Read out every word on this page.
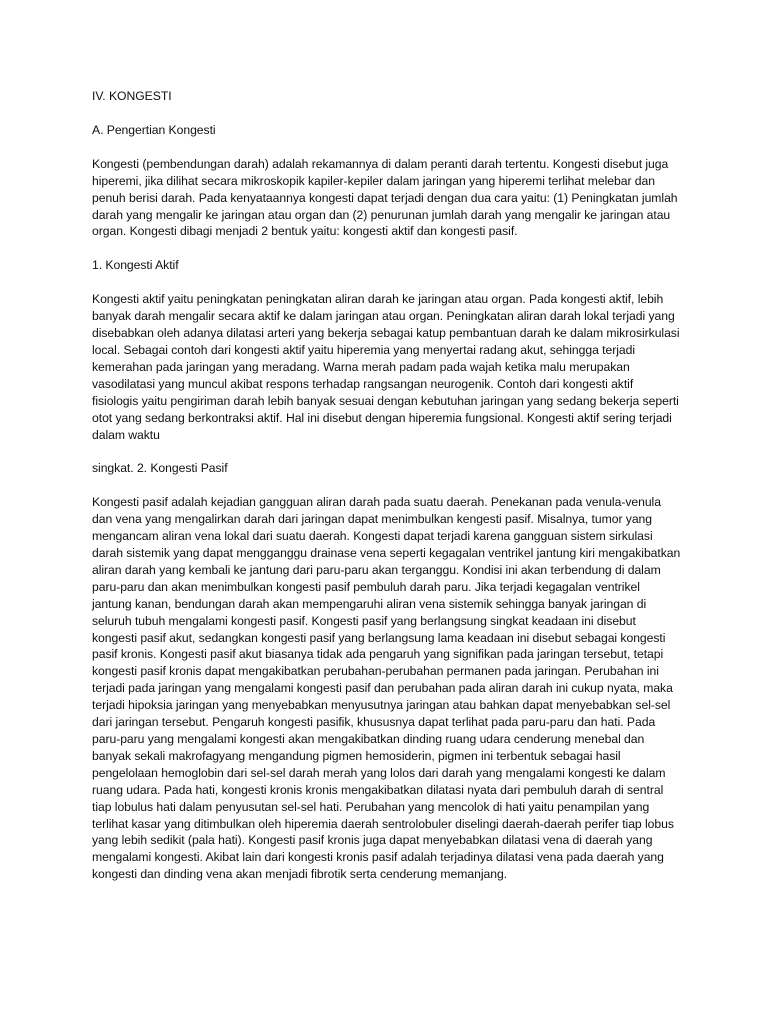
IV. KONGESTI
A. Pengertian Kongesti

Kongesti (pembendungan darah) adalah rekamannya di dalam peranti darah tertentu. Kongesti disebut juga hiperemi, jika dilihat secara mikroskopik kapiler-kepiler dalam jaringan yang hiperemi terlihat melebar dan penuh berisi darah. Pada kenyataannya kongesti dapat terjadi dengan dua cara yaitu: (1) Peningkatan jumlah darah yang mengalir ke jaringan atau organ dan (2) penurunan jumlah darah yang mengalir ke jaringan atau organ. Kongesti dibagi menjadi 2 bentuk yaitu: kongesti aktif dan kongesti pasif.

1. Kongesti Aktif

Kongesti aktif yaitu peningkatan peningkatan aliran darah ke jaringan atau organ. Pada kongesti aktif, lebih banyak darah mengalir secara aktif ke dalam jaringan atau organ. Peningkatan aliran darah lokal terjadi yang disebabkan oleh adanya dilatasi arteri yang bekerja sebagai katup pembantuan darah ke dalam mikrosirkulasi local. Sebagai contoh dari kongesti aktif yaitu hiperemia yang menyertai radang akut, sehingga terjadi kemerahan pada jaringan yang meradang. Warna merah padam pada wajah ketika malu merupakan vasodilatasi yang muncul akibat respons terhadap rangsangan neurogenik. Contoh dari kongesti aktif fisiologis yaitu pengiriman darah lebih banyak sesuai dengan kebutuhan jaringan yang sedang bekerja seperti otot yang sedang berkontraksi aktif. Hal ini disebut dengan hiperemia fungsional. Kongesti aktif sering terjadi dalam waktu

singkat. 2. Kongesti Pasif

Kongesti pasif adalah kejadian gangguan aliran darah pada suatu daerah. Penekanan pada venula-venula dan vena yang mengalirkan darah dari jaringan dapat menimbulkan kengesti pasif. Misalnya, tumor yang mengancam aliran vena lokal dari suatu daerah. Kongesti dapat terjadi karena gangguan sistem sirkulasi darah sistemik yang dapat mengganggu drainase vena seperti kegagalan ventrikel jantung kiri mengakibatkan aliran darah yang kembali ke jantung dari paru-paru akan terganggu. Kondisi ini akan terbendung di dalam paru-paru dan akan menimbulkan kongesti pasif pembuluh darah paru. Jika terjadi kegagalan ventrikel jantung kanan, bendungan darah akan mempengaruhi aliran vena sistemik sehingga banyak jaringan di seluruh tubuh mengalami kongesti pasif. Kongesti pasif yang berlangsung singkat keadaan ini disebut kongesti pasif akut, sedangkan kongesti pasif yang berlangsung lama keadaan ini disebut sebagai kongesti pasif kronis. Kongesti pasif akut biasanya tidak ada pengaruh yang signifikan pada jaringan tersebut, tetapi kongesti pasif kronis dapat mengakibatkan perubahan-perubahan permanen pada jaringan. Perubahan ini terjadi pada jaringan yang mengalami kongesti pasif dan perubahan pada aliran darah ini cukup nyata, maka terjadi hipoksia jaringan yang menyebabkan menyusutnya jaringan atau bahkan dapat menyebabkan sel-sel dari jaringan tersebut. Pengaruh kongesti pasifik, khususnya dapat terlihat pada paru-paru dan hati. Pada paru-paru yang mengalami kongesti akan mengakibatkan dinding ruang udara cenderung menebal dan banyak sekali makrofagyang mengandung pigmen hemosiderin, pigmen ini terbentuk sebagai hasil pengelolaan hemoglobin dari sel-sel darah merah yang lolos dari darah yang mengalami kongesti ke dalam ruang udara. Pada hati, kongesti kronis kronis mengakibatkan dilatasi nyata dari pembuluh darah di sentral tiap lobulus hati dalam penyusutan sel-sel hati. Perubahan yang mencolok di hati yaitu penampilan yang terlihat kasar yang ditimbulkan oleh hiperemia daerah sentrolobuler diselingi daerah-daerah perifer tiap lobus yang lebih sedikit (pala hati). Kongesti pasif kronis juga dapat menyebabkan dilatasi vena di daerah yang mengalami kongesti. Akibat lain dari kongesti kronis pasif adalah terjadinya dilatasi vena pada daerah yang kongesti dan dinding vena akan menjadi fibrotik serta cenderung memanjang.
